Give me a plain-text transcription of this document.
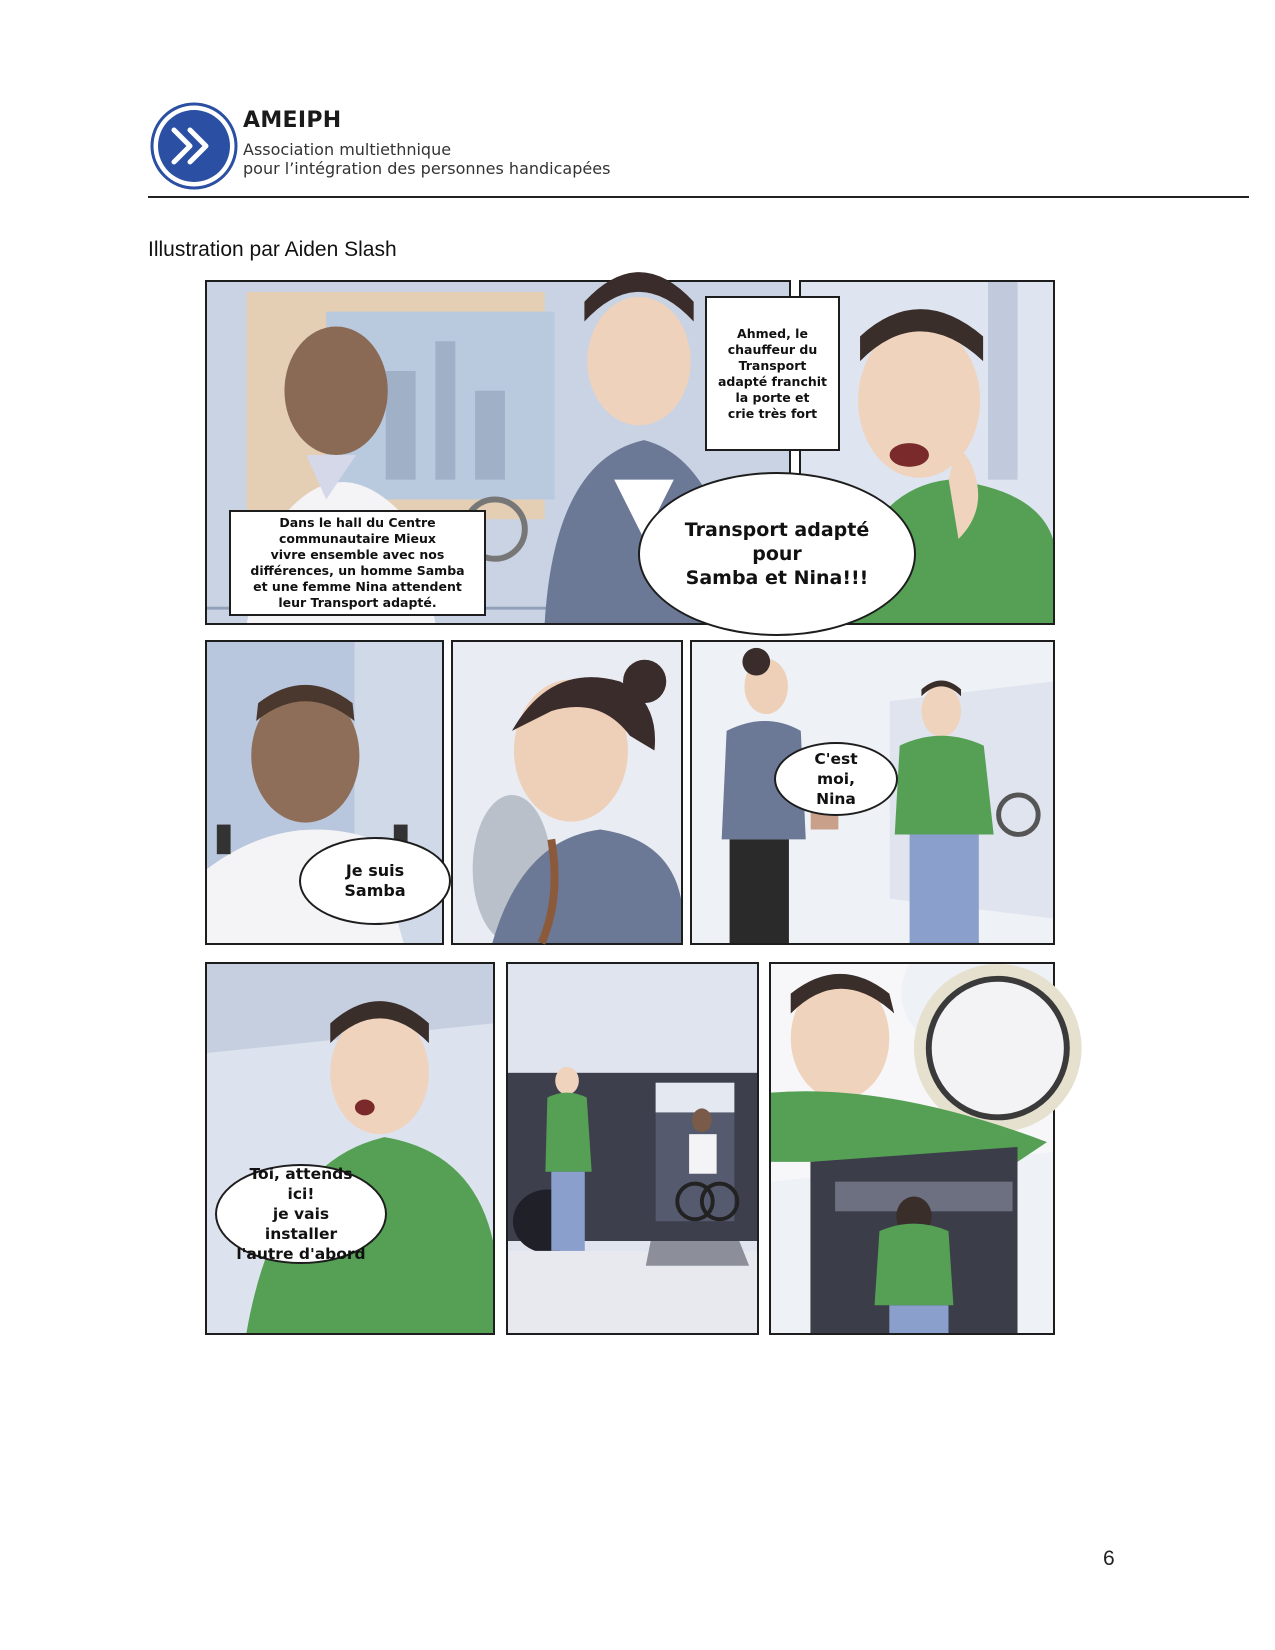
AMEIPH
Association multiethnique
pour l’intégration des personnes handicapées
Illustration par Aiden Slash
Dans le hall du Centre
communautaire Mieux
vivre ensemble avec nos
différences, un homme Samba
et une femme Nina attendent
leur Transport adapté.
Ahmed, le
chauffeur du
Transport
adapté franchit
la porte et
crie très fort
Transport adapté pour
Samba et Nina!!!
Je suis
Samba
C'est moi,
Nina
Toi, attends ici!
je vais installer
l'autre d'abord
6
